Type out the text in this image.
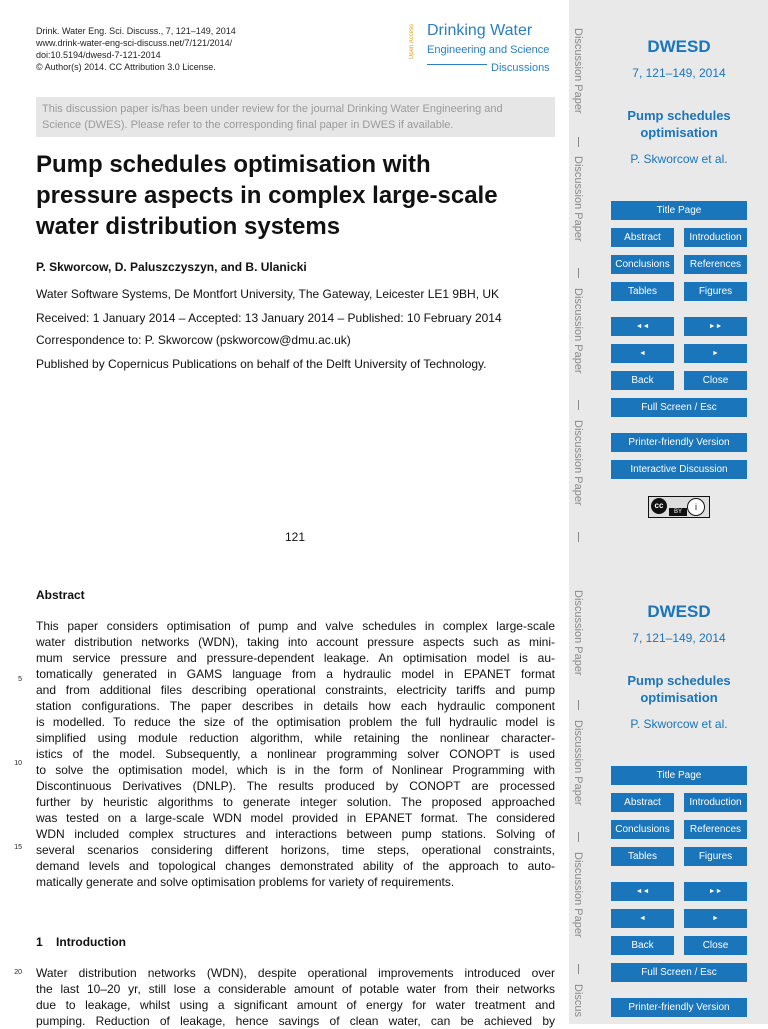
Drink. Water Eng. Sci. Discuss., 7, 121–149, 2014
www.drink-water-eng-sci-discuss.net/7/121/2014/
doi:10.5194/dwesd-7-121-2014
© Author(s) 2014. CC Attribution 3.0 License.
Open Access Drinking Water
Engineering and Science
Discussions
This discussion paper is/has been under review for the journal Drinking Water Engineering and
Science (DWES). Please refer to the corresponding final paper in DWES if available.
Pump schedules optimisation with
pressure aspects in complex large-scale
water distribution systems
P. Skworcow, D. Paluszczyszyn, and B. Ulanicki
Water Software Systems, De Montfort University, The Gateway, Leicester LE1 9BH, UK
Received: 1 January 2014 – Accepted: 13 January 2014 – Published: 10 February 2014
Correspondence to: P. Skworcow (pskworcow@dmu.ac.uk)
Published by Copernicus Publications on behalf of the Delft University of Technology.
121
Abstract
This paper considers optimisation of pump and valve schedules in complex large-scale
water distribution networks (WDN), taking into account pressure aspects such as mini-
mum service pressure and pressure-dependent leakage. An optimisation model is au-
tomatically generated in GAMS language from a hydraulic model in EPANET format
and from additional files describing operational constraints, electricity tariffs and pump
station configurations. The paper describes in details how each hydraulic component
is modelled. To reduce the size of the optimisation problem the full hydraulic model is
simplified using module reduction algorithm, while retaining the nonlinear character-
istics of the model. Subsequently, a nonlinear programming solver CONOPT is used
to solve the optimisation model, which is in the form of Nonlinear Programming with
Discontinuous Derivatives (DNLP). The results produced by CONOPT are processed
further by heuristic algorithms to generate integer solution. The proposed approached
was tested on a large-scale WDN model provided in EPANET format. The considered
WDN included complex structures and interactions between pump stations. Solving of
several scenarios considering different horizons, time steps, operational constraints,
demand levels and topological changes demonstrated ability of the approach to auto-
matically generate and solve optimisation problems for variety of requirements.
5
10
15
1 Introduction
Water distribution networks (WDN), despite operational improvements introduced over
the last 10–20 yr, still lose a considerable amount of potable water from their networks
due to leakage, whilst using a significant amount of energy for water treatment and
pumping. Reduction of leakage, hence savings of clean water, can be achieved by
20
Discussion Paper
Discussion Paper
Discussion Paper
Discussion Paper
Discussion Paper
Discussion Paper
Discussion Paper
Discus
DWESD
7, 121–149, 2014
Pump schedules
optimisation
P. Skworcow et al.
Title Page
Abstract	Introduction
Conclusions	References
Tables	Figures
◄◄	►►
◄	►
Back	Close
Full Screen / Esc
Printer-friendly Version
Interactive Discussion
cc	i
BY
DWESD
7, 121–149, 2014
Pump schedules
optimisation
P. Skworcow et al.
Title Page
Abstract	Introduction
Conclusions	References
Tables	Figures
◄◄	►►
◄	►
Back	Close
Full Screen / Esc
Printer-friendly Version
